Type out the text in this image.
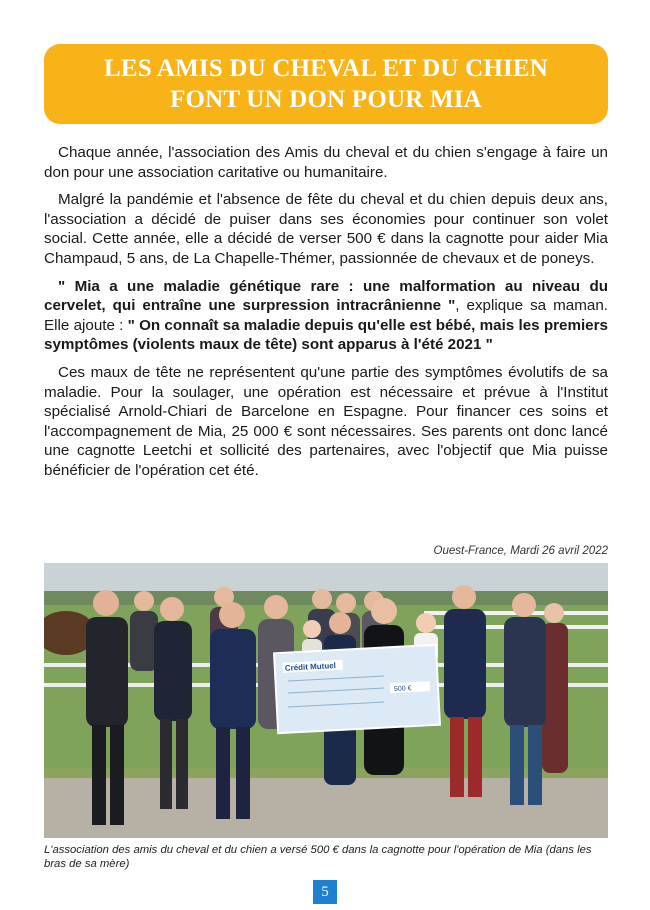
LES AMIS DU CHEVAL ET DU CHIEN
FONT UN DON POUR MIA

Chaque année, l'association des Amis du cheval et du chien s'engage à faire un don pour une association caritative ou humanitaire.

Malgré la pandémie et l'absence de fête du cheval et du chien depuis deux ans, l'association a décidé de puiser dans ses économies pour continuer son volet social. Cette année, elle a décidé de verser 500 € dans la cagnotte pour aider Mia Champaud, 5 ans, de La Chapelle-Thémer, passionnée de chevaux et de poneys.

" Mia a une maladie génétique rare : une malformation au niveau du cervelet, qui entraîne une surpression intracrânienne ", explique sa maman. Elle ajoute : " On connaît sa maladie depuis qu'elle est bébé, mais les premiers symptômes (violents maux de tête) sont apparus à l'été 2021 "

Ces maux de tête ne représentent qu'une partie des symptômes évolutifs de sa maladie. Pour la soulager, une opération est nécessaire et prévue à l'Institut spécialisé Arnold-Chiari de Barcelone en Espagne. Pour financer ces soins et l'accompagnement de Mia, 25 000 € sont nécessaires. Ses parents ont donc lancé une cagnotte Leetchi et sollicité des partenaires, avec l'objectif que Mia puisse bénéficier de l'opération cet été.

Ouest-France, Mardi 26 avril 2022
Crédit Mutuel
500 €
L'association des amis du cheval et du chien a versé 500 € dans la cagnotte pour l'opération de Mia (dans les bras de sa mère)
5
